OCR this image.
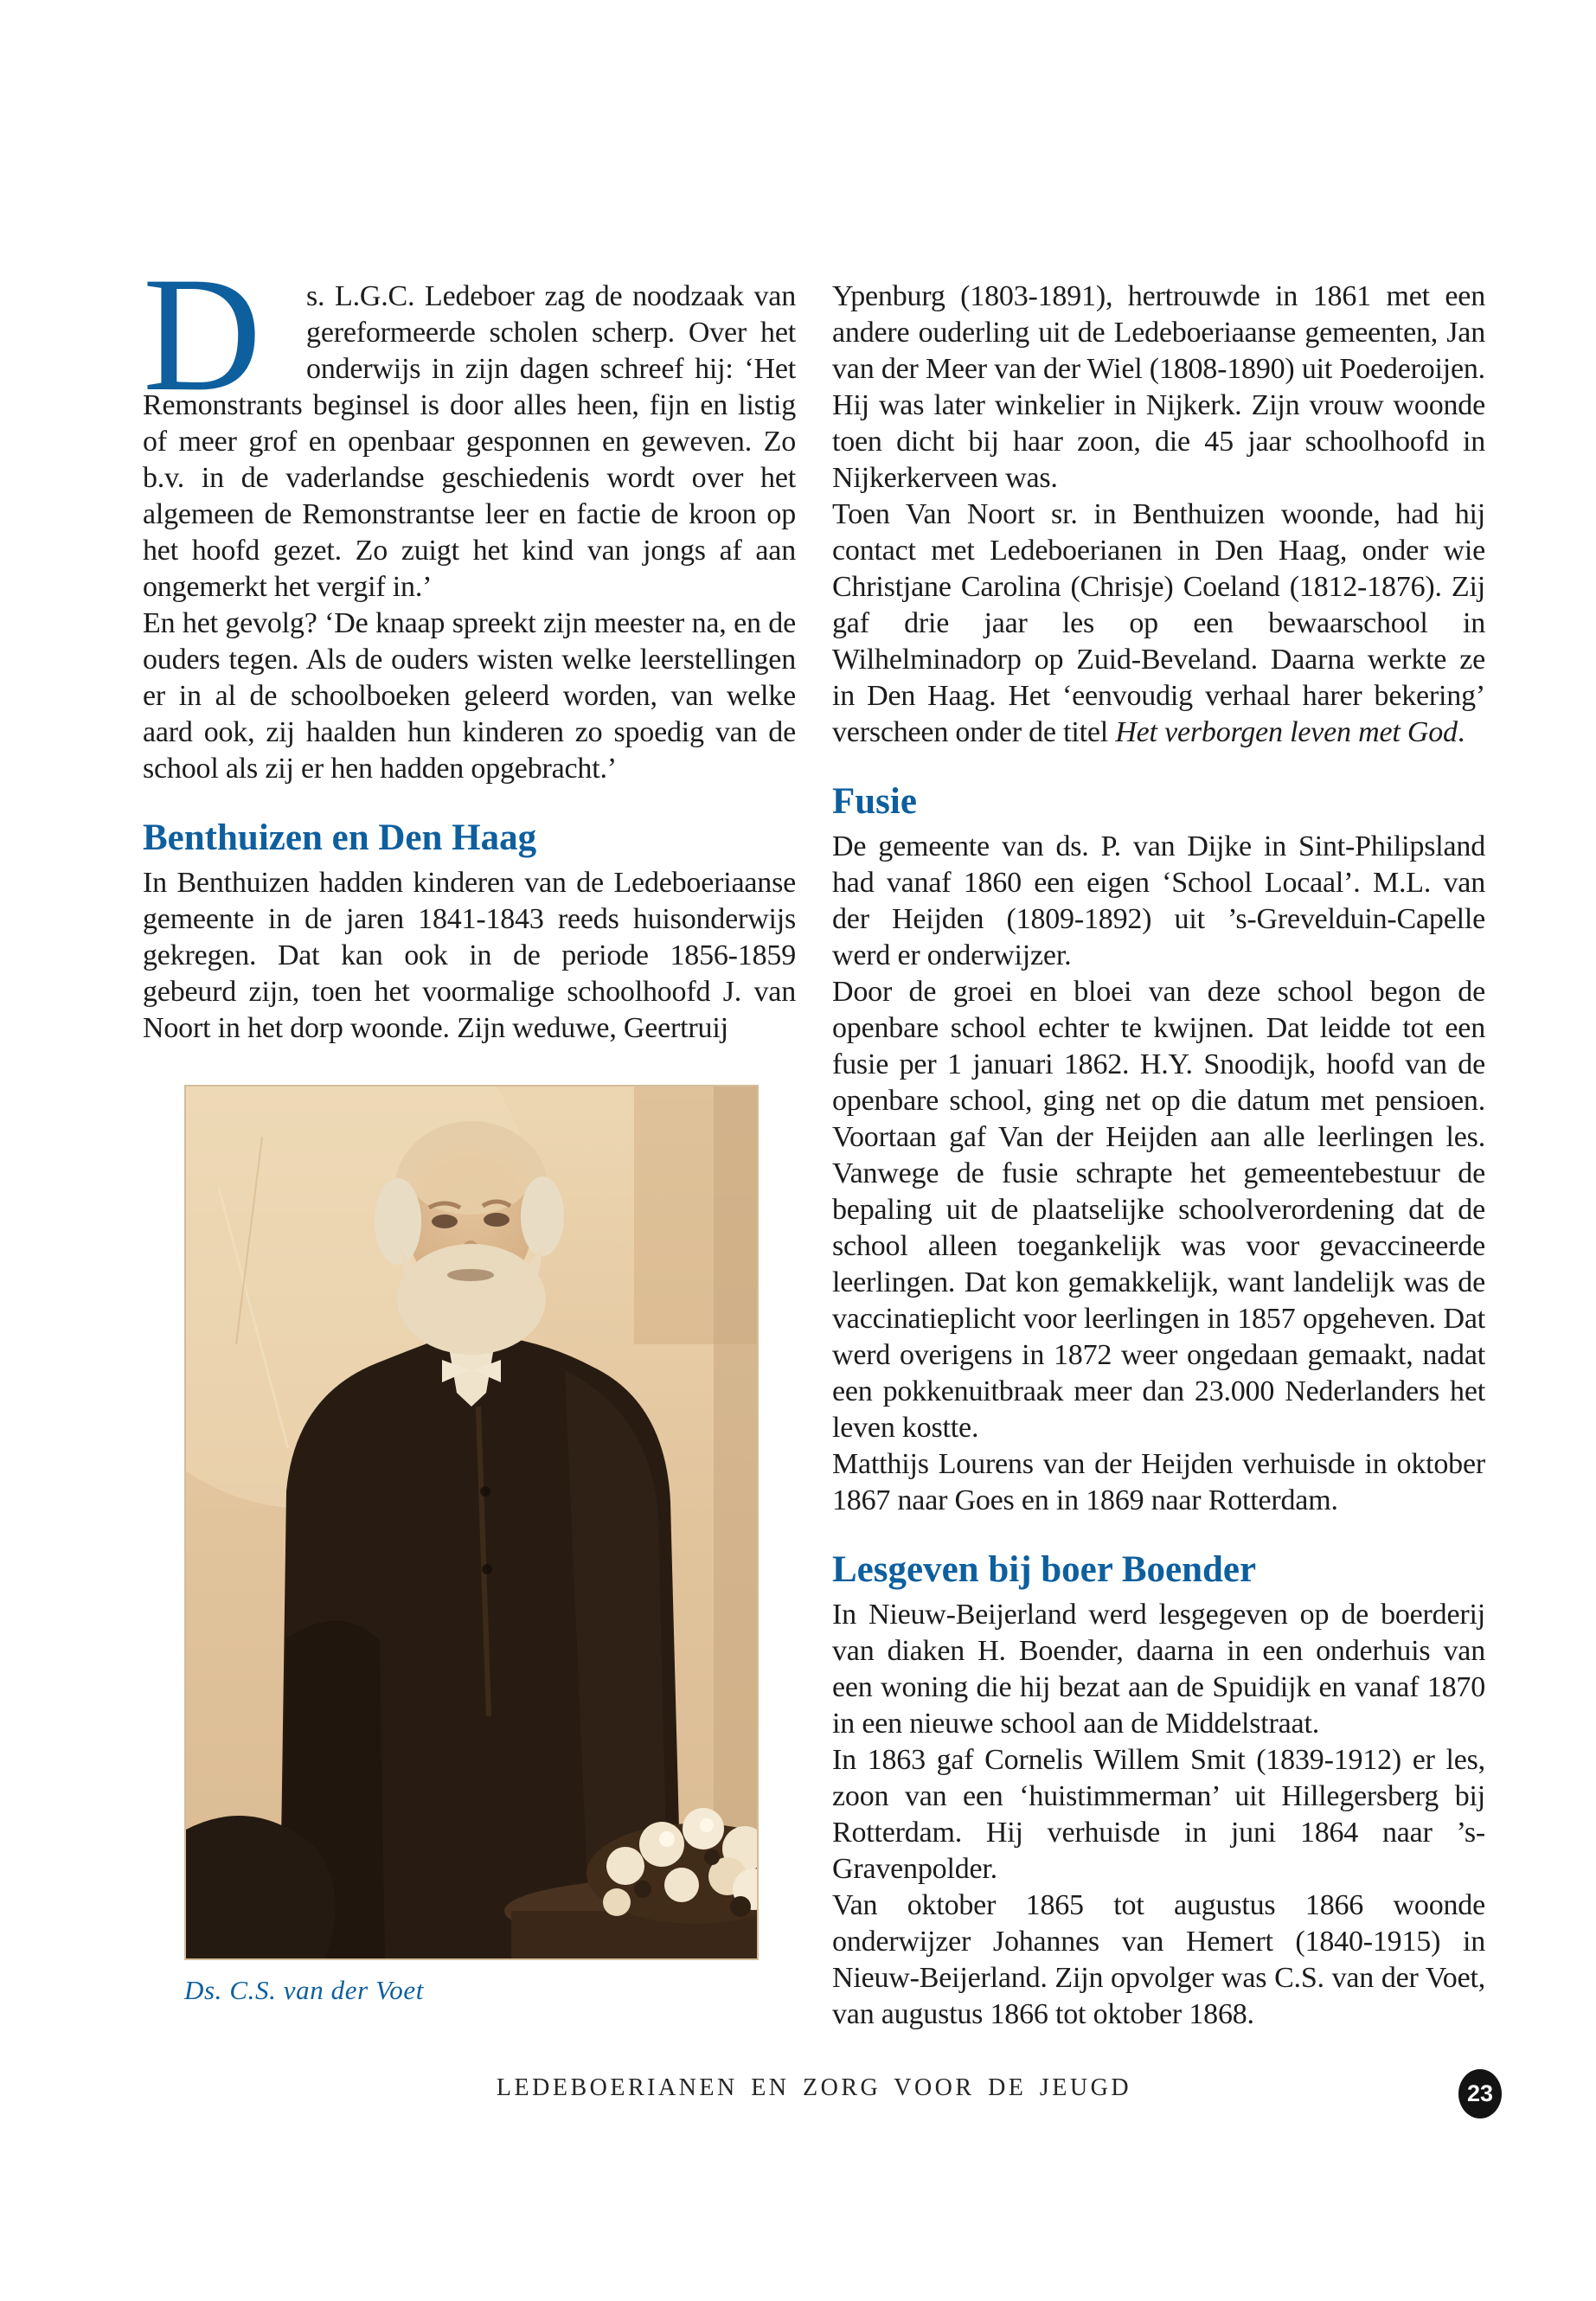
D s. L.G.C. Ledeboer zag de noodzaak van gereformeerde scholen scherp. Over het onderwijs in zijn dagen schreef hij: ‘Het Remonstrants beginsel is door alles heen, fijn en listig of meer grof en openbaar gesponnen en geweven. Zo b.v. in de vaderlandse geschiedenis wordt over het algemeen de Remonstrantse leer en factie de kroon op het hoofd gezet. Zo zuigt het kind van jongs af aan ongemerkt het vergif in.’

En het gevolg? ‘De knaap spreekt zijn meester na, en de ouders tegen. Als de ouders wisten welke leerstellingen er in al de schoolboeken geleerd worden, van welke aard ook, zij haalden hun kinderen zo spoedig van de school als zij er hen hadden opgebracht.’

Benthuizen en Den Haag

In Benthuizen hadden kinderen van de Ledeboeriaanse gemeente in de jaren 1841-1843 reeds huisonderwijs gekregen. Dat kan ook in de periode 1856-1859 gebeurd zijn, toen het voormalige schoolhoofd J. van Noort in het dorp woonde. Zijn weduwe, Geertruij

Ds. C.S. van der Voet

Ypenburg (1803-1891), hertrouwde in 1861 met een andere ouderling uit de Ledeboeriaanse gemeenten, Jan van der Meer van der Wiel (1808-1890) uit Poederoijen. Hij was later winkelier in Nijkerk. Zijn vrouw woonde toen dicht bij haar zoon, die 45 jaar schoolhoofd in Nijkerkerveen was.

Toen Van Noort sr. in Benthuizen woonde, had hij contact met Ledeboerianen in Den Haag, onder wie Christjane Carolina (Chrisje) Coeland (1812-1876). Zij gaf drie jaar les op een bewaarschool in Wilhelminadorp op Zuid-Beveland. Daarna werkte ze in Den Haag. Het ‘eenvoudig verhaal harer bekering’ verscheen onder de titel Het verborgen leven met God.

Fusie

De gemeente van ds. P. van Dijke in Sint-Philipsland had vanaf 1860 een eigen ‘School Locaal’. M.L. van der Heijden (1809-1892) uit ’s-Grevelduin-Capelle werd er onderwijzer.

Door de groei en bloei van deze school begon de openbare school echter te kwijnen. Dat leidde tot een fusie per 1 januari 1862. H.Y. Snoodijk, hoofd van de openbare school, ging net op die datum met pensioen. Voortaan gaf Van der Heijden aan alle leerlingen les. Vanwege de fusie schrapte het gemeentebestuur de bepaling uit de plaatselijke schoolverordening dat de school alleen toegankelijk was voor gevaccineerde leerlingen. Dat kon gemakkelijk, want landelijk was de vaccinatieplicht voor leerlingen in 1857 opgeheven. Dat werd overigens in 1872 weer ongedaan gemaakt, nadat een pokkenuitbraak meer dan 23.000 Nederlanders het leven kostte.

Matthijs Lourens van der Heijden verhuisde in oktober 1867 naar Goes en in 1869 naar Rotterdam.

Lesgeven bij boer Boender

In Nieuw-Beijerland werd lesgegeven op de boerderij van diaken H. Boender, daarna in een onderhuis van een woning die hij bezat aan de Spuidijk en vanaf 1870 in een nieuwe school aan de Middelstraat.

In 1863 gaf Cornelis Willem Smit (1839-1912) er les, zoon van een ‘huistimmerman’ uit Hillegersberg bij Rotterdam. Hij verhuisde in juni 1864 naar ’s-Gravenpolder.

Van oktober 1865 tot augustus 1866 woonde onderwijzer Johannes van Hemert (1840-1915) in Nieuw-Beijerland. Zijn opvolger was C.S. van der Voet, van augustus 1866 tot oktober 1868.

LEDEBOERIANEN EN ZORG VOOR DE JEUGD	23
